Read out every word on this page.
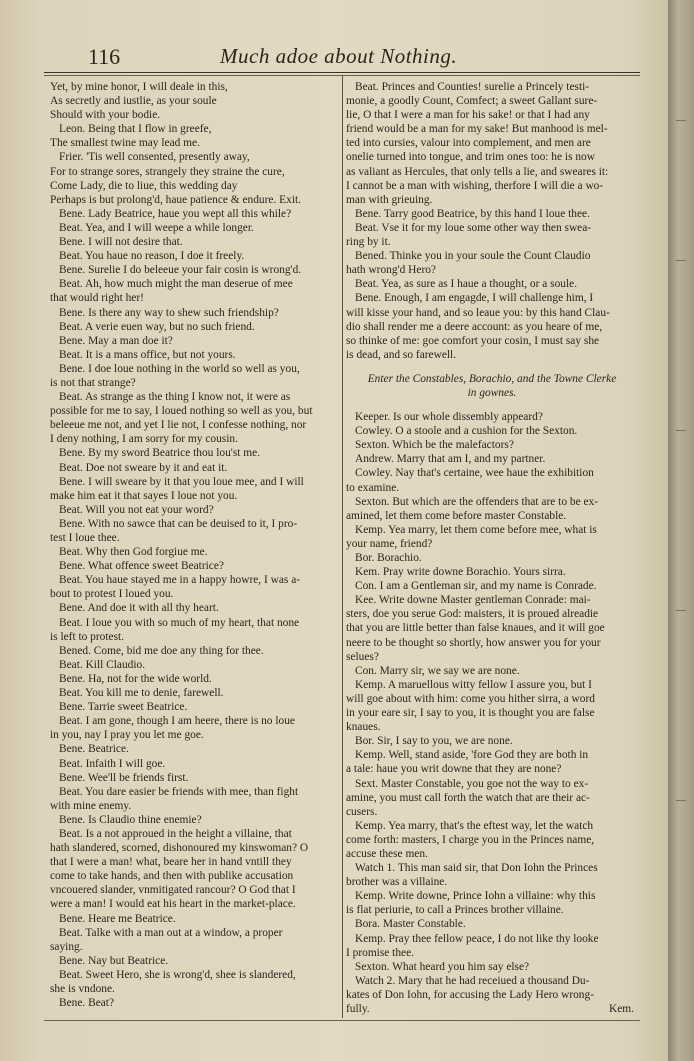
116	Much adoe about Nothing.
Yet, by mine honor, I will deale in this,
As secretly and iustlie, as your soule
Should with your bodie.
Leon. Being that I flow in greefe,
The smallest twine may lead me.
Frier. 'Tis well consented, presently away,
For to strange sores, strangely they straine the cure,
Come Lady, die to liue, this wedding day
Perhaps is but prolong'd, haue patience & endure. Exit.
Bene. Lady Beatrice, haue you wept all this while?
Beat. Yea, and I will weepe a while longer.
Bene. I will not desire that.
Beat. You haue no reason, I doe it freely.
Bene. Surelie I do beleeue your fair cosin is wrong'd.
Beat. Ah, how much might the man deserue of mee
that would right her!
Bene. Is there any way to shew such friendship?
Beat. A verie euen way, but no such friend.
Bene. May a man doe it?
Beat. It is a mans office, but not yours.
Bene. I doe loue nothing in the world so well as you,
is not that strange?
Beat. As strange as the thing I know not, it were as
possible for me to say, I loued nothing so well as you, but
beleeue me not, and yet I lie not, I confesse nothing, nor
I deny nothing, I am sorry for my cousin.
Bene. By my sword Beatrice thou lou'st me.
Beat. Doe not sweare by it and eat it.
Bene. I will sweare by it that you loue mee, and I will
make him eat it that sayes I loue not you.
Beat. Will you not eat your word?
Bene. With no sawce that can be deuised to it, I pro-
test I loue thee.
Beat. Why then God forgiue me.
Bene. What offence sweet Beatrice?
Beat. You haue stayed me in a happy howre, I was a-
bout to protest I loued you.
Bene. And doe it with all thy heart.
Beat. I loue you with so much of my heart, that none
is left to protest.
Bened. Come, bid me doe any thing for thee.
Beat. Kill Claudio.
Bene. Ha, not for the wide world.
Beat. You kill me to denie, farewell.
Bene. Tarrie sweet Beatrice.
Beat. I am gone, though I am heere, there is no loue
in you, nay I pray you let me goe.
Bene. Beatrice.
Beat. Infaith I will goe.
Bene. Wee'll be friends first.
Beat. You dare easier be friends with mee, than fight
with mine enemy.
Bene. Is Claudio thine enemie?
Beat. Is a not approued in the height a villaine, that
hath slandered, scorned, dishonoured my kinswoman? O
that I were a man! what, beare her in hand vntill they
come to take hands, and then with publike accusation
vncouered slander, vnmitigated rancour? O God that I
were a man! I would eat his heart in the market-place.
Bene. Heare me Beatrice.
Beat. Talke with a man out at a window, a proper
saying.
Bene. Nay but Beatrice.
Beat. Sweet Hero, she is wrong'd, shee is slandered,
she is vndone.
Bene. Beat?
Beat. Princes and Counties! surelie a Princely testi-
monie, a goodly Count, Comfect; a sweet Gallant sure-
lie, O that I were a man for his sake! or that I had any
friend would be a man for my sake! But manhood is mel-
ted into cursies, valour into complement, and men are
onelie turned into tongue, and trim ones too: he is now
as valiant as Hercules, that only tells a lie, and sweares it:
I cannot be a man with wishing, therfore I will die a wo-
man with grieuing.
Bene. Tarry good Beatrice, by this hand I loue thee.
Beat. Vse it for my loue some other way then swea-
ring by it.
Bened. Thinke you in your soule the Count Claudio
hath wrong'd Hero?
Beat. Yea, as sure as I haue a thought, or a soule.
Bene. Enough, I am engagde, I will challenge him, I
will kisse your hand, and so leaue you: by this hand Clau-
dio shall render me a deere account: as you heare of me,
so thinke of me: goe comfort your cosin, I must say she
is dead, and so farewell.
Enter the Constables, Borachio, and the Towne Clerke
in gownes.
Keeper. Is our whole dissembly appeard?
Cowley. O a stoole and a cushion for the Sexton.
Sexton. Which be the malefactors?
Andrew. Marry that am I, and my partner.
Cowley. Nay that's certaine, wee haue the exhibition
to examine.
Sexton. But which are the offenders that are to be ex-
amined, let them come before master Constable.
Kemp. Yea marry, let them come before mee, what is
your name, friend?
Bor. Borachio.
Kem. Pray write downe Borachio. Yours sirra.
Con. I am a Gentleman sir, and my name is Conrade.
Kee. Write downe Master gentleman Conrade: mai-
sters, doe you serue God: maisters, it is proued alreadie
that you are little better than false knaues, and it will goe
neere to be thought so shortly, how answer you for your
selues?
Con. Marry sir, we say we are none.
Kemp. A maruellous witty fellow I assure you, but I
will goe about with him: come you hither sirra, a word
in your eare sir, I say to you, it is thought you are false
knaues.
Bor. Sir, I say to you, we are none.
Kemp. Well, stand aside, 'fore God they are both in
a tale: haue you writ downe that they are none?
Sext. Master Constable, you goe not the way to ex-
amine, you must call forth the watch that are their ac-
cusers.
Kemp. Yea marry, that's the eftest way, let the watch
come forth: masters, I charge you in the Princes name,
accuse these men.
Watch 1. This man said sir, that Don Iohn the Princes
brother was a villaine.
Kemp. Write downe, Prince Iohn a villaine: why this
is flat periurie, to call a Princes brother villaine.
Bora. Master Constable.
Kemp. Pray thee fellow peace, I do not like thy looke
I promise thee.
Sexton. What heard you him say else?
Watch 2. Mary that he had receiued a thousand Du-
kates of Don Iohn, for accusing the Lady Hero wrong-
fully.	Kem.
